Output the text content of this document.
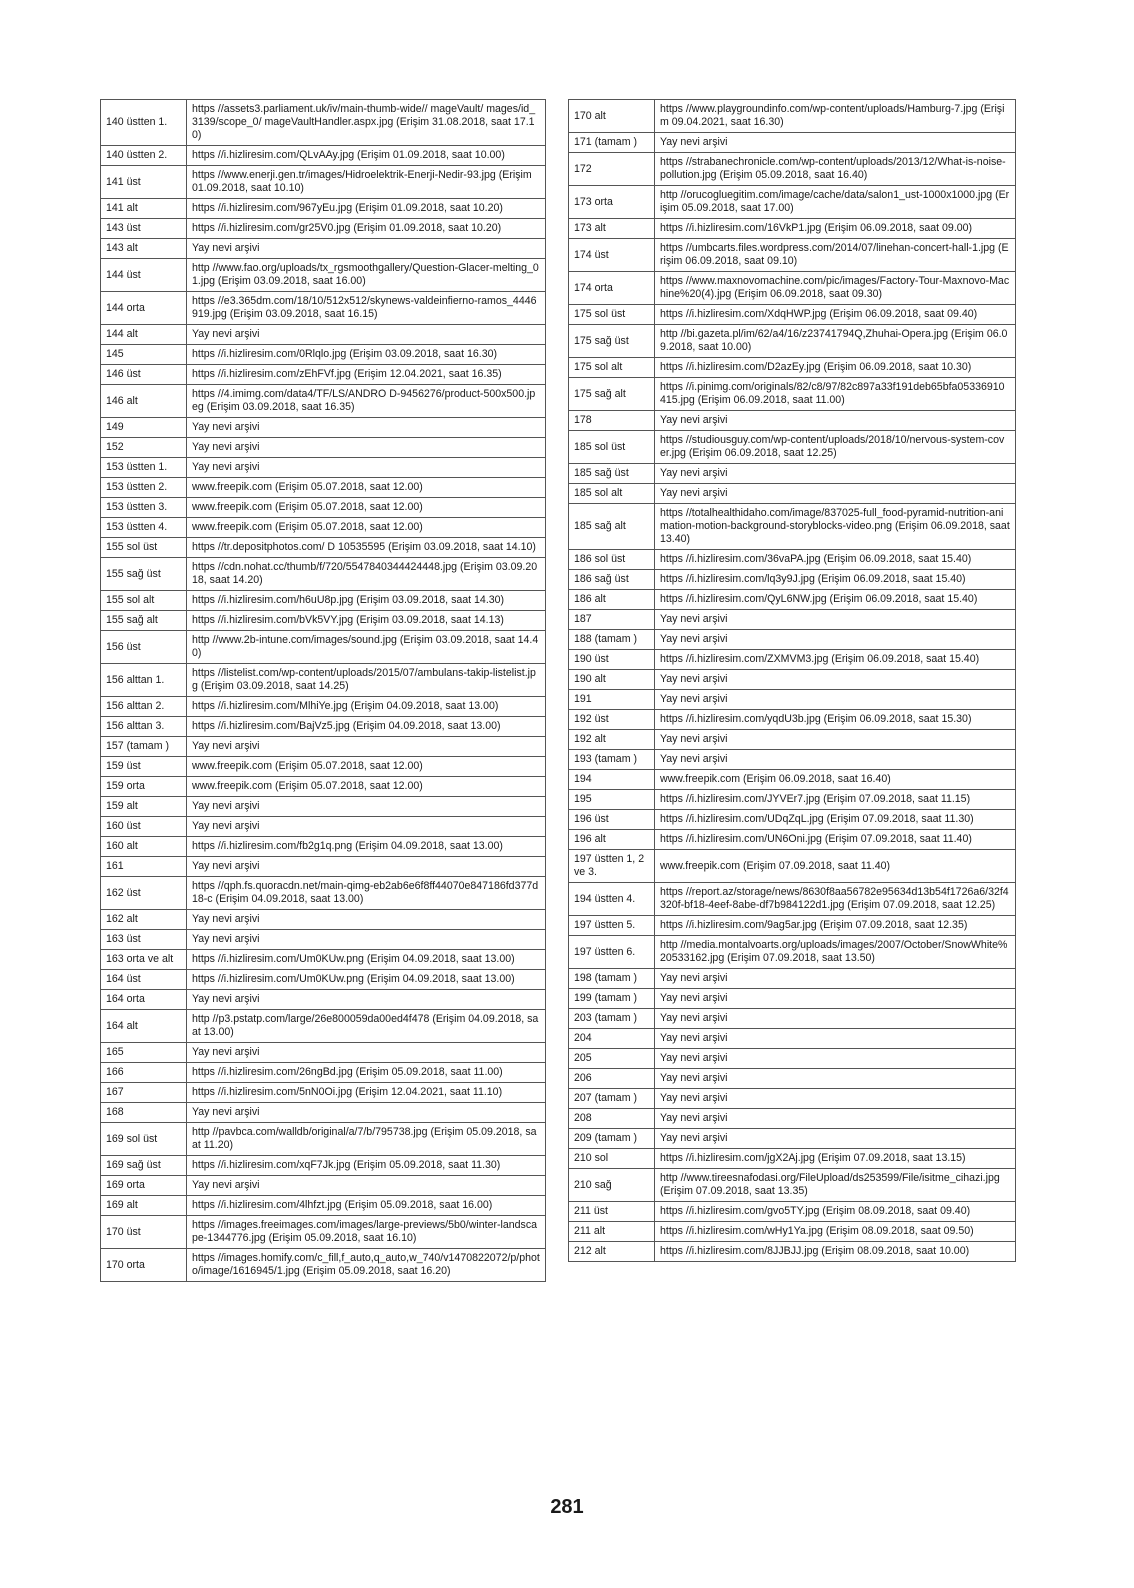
140 üstten 1.	https //assets3.parliament.uk/iv/main-thumb-wide// mageVault/ mages/id_3139/scope_0/ mageVaultHandler.aspx.jpg (Erişim 31.08.2018, saat 17.10)
140 üstten 2.	https //i.hizliresim.com/QLvAAy.jpg (Erişim 01.09.2018, saat 10.00)
141 üst	https //www.enerji.gen.tr/images/Hidroelektrik-Enerji-Nedir-93.jpg (Erişim 01.09.2018, saat 10.10)
141 alt	https //i.hizliresim.com/967yEu.jpg (Erişim 01.09.2018, saat 10.20)
143 üst	https //i.hizliresim.com/gr25V0.jpg (Erişim 01.09.2018, saat 10.20)
143 alt	Yay nevi arşivi
144 üst	http //www.fao.org/uploads/tx_rgsmoothgallery/Question-Glacer-melting_01.jpg (Erişim 03.09.2018, saat 16.00)
144 orta	https //e3.365dm.com/18/10/512x512/skynews-valdeinfierno-ramos_4446919.jpg (Erişim 03.09.2018, saat 16.15)
144 alt	Yay nevi arşivi
145	https //i.hizliresim.com/0Rlqlo.jpg (Erişim 03.09.2018, saat 16.30)
146 üst	https //i.hizliresim.com/zEhFVf.jpg (Erişim 12.04.2021, saat 16.35)
146 alt	https //4.imimg.com/data4/TF/LS/ANDRO D-9456276/product-500x500.jpeg (Erişim 03.09.2018, saat 16.35)
149	Yay nevi arşivi
152	Yay nevi arşivi
153 üstten 1.	Yay nevi arşivi
153 üstten 2.	www.freepik.com (Erişim 05.07.2018, saat 12.00)
153 üstten 3.	www.freepik.com (Erişim 05.07.2018, saat 12.00)
153 üstten 4.	www.freepik.com (Erişim 05.07.2018, saat 12.00)
155 sol üst	https //tr.depositphotos.com/ D 10535595 (Erişim 03.09.2018, saat 14.10)
155 sağ üst	https //cdn.nohat.cc/thumb/f/720/5547840344424448.jpg (Erişim 03.09.2018, saat 14.20)
155 sol alt	https //i.hizliresim.com/h6uU8p.jpg (Erişim 03.09.2018, saat 14.30)
155 sağ alt	https //i.hizliresim.com/bVk5VY.jpg (Erişim 03.09.2018, saat 14.13)
156 üst	http //www.2b-intune.com/images/sound.jpg (Erişim 03.09.2018, saat 14.40)
156 alttan 1.	https //listelist.com/wp-content/uploads/2015/07/ambulans-takip-listelist.jpg (Erişim 03.09.2018, saat 14.25)
156 alttan 2.	https //i.hizliresim.com/MlhiYe.jpg (Erişim 04.09.2018, saat 13.00)
156 alttan 3.	https //i.hizliresim.com/BajVz5.jpg (Erişim 04.09.2018, saat 13.00)
157 (tamam )	Yay nevi arşivi
159 üst	www.freepik.com (Erişim 05.07.2018, saat 12.00)
159 orta	www.freepik.com (Erişim 05.07.2018, saat 12.00)
159 alt	Yay nevi arşivi
160 üst	Yay nevi arşivi
160 alt	https //i.hizliresim.com/fb2g1q.png (Erişim 04.09.2018, saat 13.00)
161	Yay nevi arşivi
162 üst	https //qph.fs.quoracdn.net/main-qimg-eb2ab6e6f8ff44070e847186fd377d18-c (Erişim 04.09.2018, saat 13.00)
162 alt	Yay nevi arşivi
163 üst	Yay nevi arşivi
163 orta ve alt	https //i.hizliresim.com/Um0KUw.png (Erişim 04.09.2018, saat 13.00)
164 üst	https //i.hizliresim.com/Um0KUw.png (Erişim 04.09.2018, saat 13.00)
164 orta	Yay nevi arşivi
164 alt	http //p3.pstatp.com/large/26e800059da00ed4f478 (Erişim 04.09.2018, saat 13.00)
165	Yay nevi arşivi
166	https //i.hizliresim.com/26ngBd.jpg (Erişim 05.09.2018, saat 11.00)
167	https //i.hizliresim.com/5nN0Oi.jpg (Erişim 12.04.2021, saat 11.10)
168	Yay nevi arşivi
169 sol üst	http //pavbca.com/walldb/original/a/7/b/795738.jpg (Erişim 05.09.2018, saat 11.20)
169 sağ üst	https //i.hizliresim.com/xqF7Jk.jpg (Erişim 05.09.2018, saat 11.30)
169 orta	Yay nevi arşivi
169 alt	https //i.hizliresim.com/4lhfzt.jpg (Erişim 05.09.2018, saat 16.00)
170 üst	https //images.freeimages.com/images/large-previews/5b0/winter-landscape-1344776.jpg (Erişim 05.09.2018, saat 16.10)
170 orta	https //images.homify.com/c_fill,f_auto,q_auto,w_740/v1470822072/p/photo/image/1616945/1.jpg (Erişim 05.09.2018, saat 16.20)
170 alt	https //www.playgroundinfo.com/wp-content/uploads/Hamburg-7.jpg (Erişim 09.04.2021, saat 16.30)
171 (tamam )	Yay nevi arşivi
172	https //strabanechronicle.com/wp-content/uploads/2013/12/What-is-noise-pollution.jpg (Erişim 05.09.2018, saat 16.40)
173 orta	http //orucogluegitim.com/image/cache/data/salon1_ust-1000x1000.jpg (Erişim 05.09.2018, saat 17.00)
173 alt	https //i.hizliresim.com/16VkP1.jpg (Erişim 06.09.2018, saat 09.00)
174 üst	https //umbcarts.files.wordpress.com/2014/07/linehan-concert-hall-1.jpg (Erişim 06.09.2018, saat 09.10)
174 orta	https //www.maxnovomachine.com/pic/images/Factory-Tour-Maxnovo-Machine%20(4).jpg (Erişim 06.09.2018, saat 09.30)
175 sol üst	https //i.hizliresim.com/XdqHWP.jpg (Erişim 06.09.2018, saat 09.40)
175 sağ üst	http //bi.gazeta.pl/im/62/a4/16/z23741794Q,Zhuhai-Opera.jpg (Erişim 06.09.2018, saat 10.00)
175 sol alt	https //i.hizliresim.com/D2azEy.jpg (Erişim 06.09.2018, saat 10.30)
175 sağ alt	https //i.pinimg.com/originals/82/c8/97/82c897a33f191deb65bfa05336910415.jpg (Erişim 06.09.2018, saat 11.00)
178	Yay nevi arşivi
185 sol üst	https //studiousguy.com/wp-content/uploads/2018/10/nervous-system-cover.jpg (Erişim 06.09.2018, saat 12.25)
185 sağ üst	Yay nevi arşivi
185 sol alt	Yay nevi arşivi
185 sağ alt	https //totalhealthidaho.com/image/837025-full_food-pyramid-nutrition-animation-motion-background-storyblocks-video.png (Erişim 06.09.2018, saat 13.40)
186 sol üst	https //i.hizliresim.com/36vaPA.jpg (Erişim 06.09.2018, saat 15.40)
186 sağ üst	https //i.hizliresim.com/lq3y9J.jpg (Erişim 06.09.2018, saat 15.40)
186 alt	https //i.hizliresim.com/QyL6NW.jpg (Erişim 06.09.2018, saat 15.40)
187	Yay nevi arşivi
188 (tamam )	Yay nevi arşivi
190 üst	https //i.hizliresim.com/ZXMVM3.jpg (Erişim 06.09.2018, saat 15.40)
190 alt	Yay nevi arşivi
191	Yay nevi arşivi
192 üst	https //i.hizliresim.com/yqdU3b.jpg (Erişim 06.09.2018, saat 15.30)
192 alt	Yay nevi arşivi
193 (tamam )	Yay nevi arşivi
194	www.freepik.com (Erişim 06.09.2018, saat 16.40)
195	https //i.hizliresim.com/JYVEr7.jpg (Erişim 07.09.2018, saat 11.15)
196 üst	https //i.hizliresim.com/UDqZqL.jpg (Erişim 07.09.2018, saat 11.30)
196 alt	https //i.hizliresim.com/UN6Oni.jpg (Erişim 07.09.2018, saat 11.40)
197 üstten 1, 2 ve 3.	www.freepik.com (Erişim 07.09.2018, saat 11.40)
194 üstten 4.	https //report.az/storage/news/8630f8aa56782e95634d13b54f1726a6/32f4320f-bf18-4eef-8abe-df7b984122d1.jpg (Erişim 07.09.2018, saat 12.25)
197 üstten 5.	https //i.hizliresim.com/9ag5ar.jpg (Erişim 07.09.2018, saat 12.35)
197 üstten 6.	http //media.montalvoarts.org/uploads/images/2007/October/SnowWhite%20533162.jpg (Erişim 07.09.2018, saat 13.50)
198 (tamam )	Yay nevi arşivi
199 (tamam )	Yay nevi arşivi
203 (tamam )	Yay nevi arşivi
204	Yay nevi arşivi
205	Yay nevi arşivi
206	Yay nevi arşivi
207 (tamam )	Yay nevi arşivi
208	Yay nevi arşivi
209 (tamam )	Yay nevi arşivi
210 sol	https //i.hizliresim.com/jgX2Aj.jpg (Erişim 07.09.2018, saat 13.15)
210 sağ	http //www.tireesnafodasi.org/FileUpload/ds253599/File/isitme_cihazi.jpg (Erişim 07.09.2018, saat 13.35)
211 üst	https //i.hizliresim.com/gvo5TY.jpg (Erişim 08.09.2018, saat 09.40)
211 alt	https //i.hizliresim.com/wHy1Ya.jpg (Erişim 08.09.2018, saat 09.50)
212 alt	https //i.hizliresim.com/8JJBJJ.jpg (Erişim 08.09.2018, saat 10.00)
281
